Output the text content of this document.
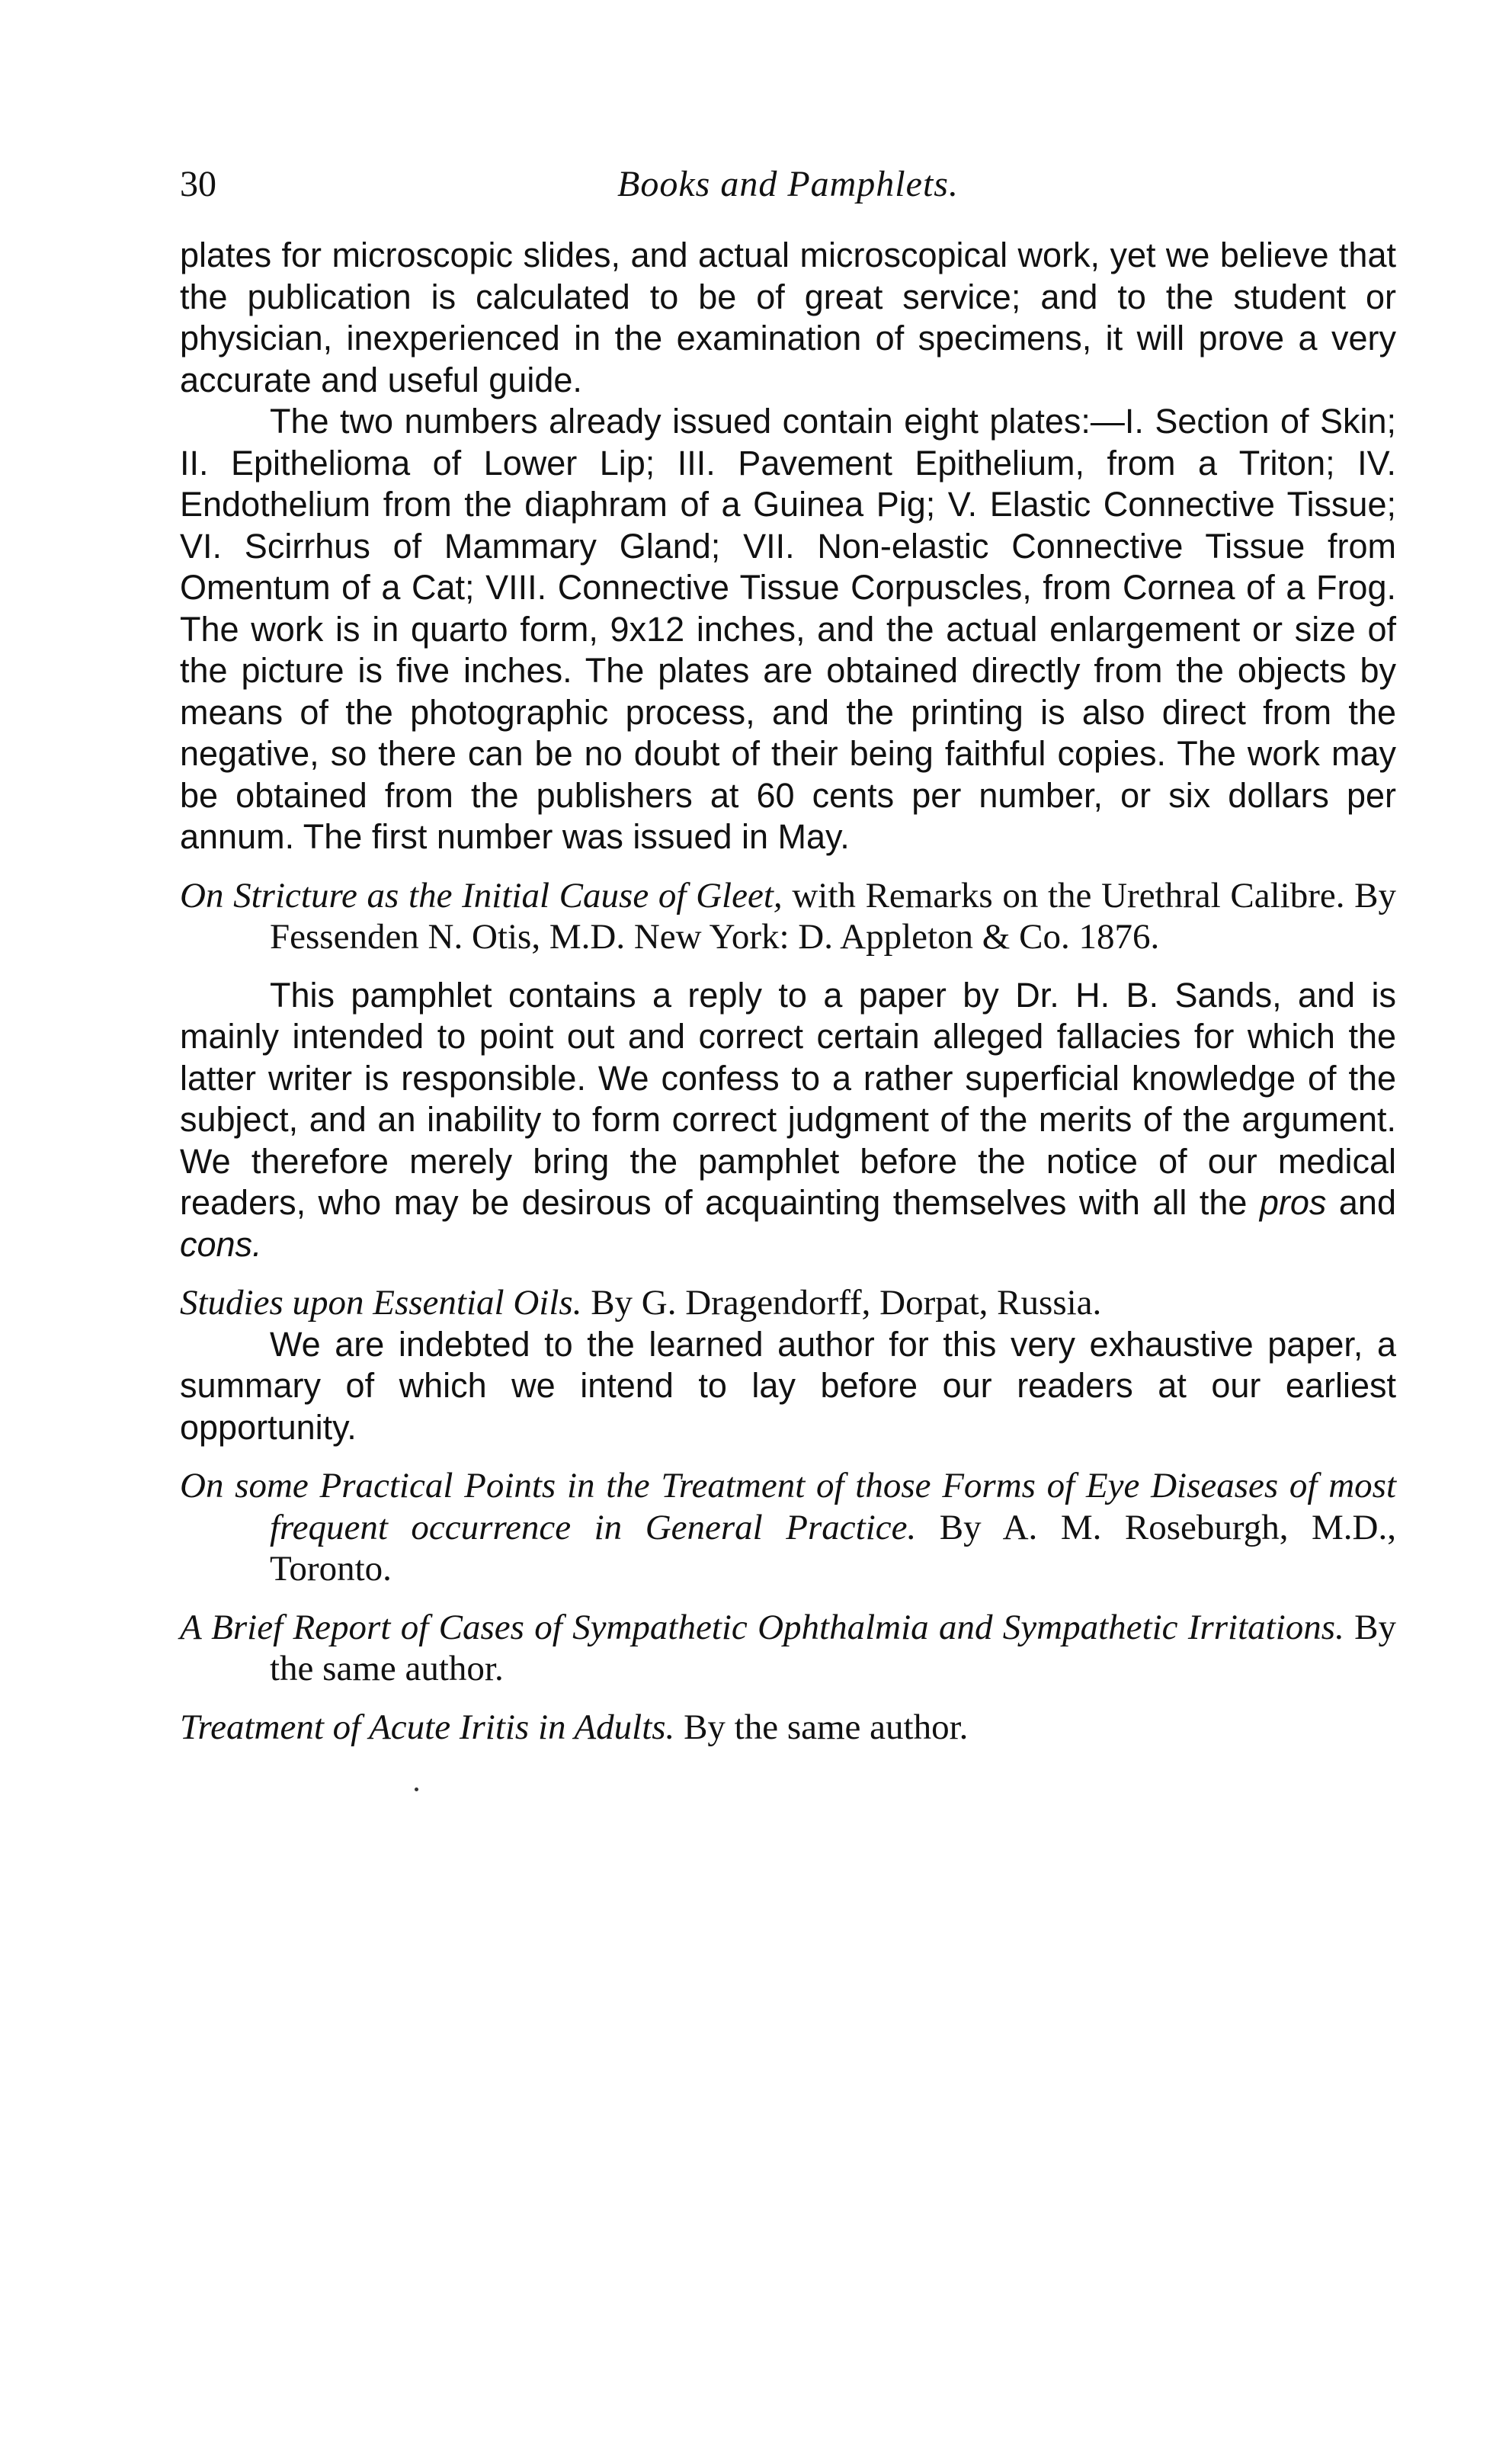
30	Books and Pamphlets.

plates for microscopic slides, and actual microscopical work, yet we believe that the publication is calculated to be of great service; and to the student or physician, inexperienced in the examination of specimens, it will prove a very accurate and useful guide.

The two numbers already issued contain eight plates:—I. Section of Skin; II. Epithelioma of Lower Lip; III. Pavement Epithelium, from a Triton; IV. Endothelium from the diaphram of a Guinea Pig; V. Elastic Connective Tissue; VI. Scirrhus of Mammary Gland; VII. Non-elastic Connective Tissue from Omentum of a Cat; VIII. Connective Tissue Corpuscles, from Cornea of a Frog. The work is in quarto form, 9x12 inches, and the actual enlargement or size of the picture is five inches. The plates are obtained directly from the objects by means of the photographic process, and the printing is also direct from the negative, so there can be no doubt of their being faithful copies. The work may be obtained from the publishers at 60 cents per number, or six dollars per annum. The first number was issued in May.

On Stricture as the Initial Cause of Gleet, with Remarks on the Urethral Calibre. By Fessenden N. Otis, M.D. New York: D. Appleton & Co. 1876.

This pamphlet contains a reply to a paper by Dr. H. B. Sands, and is mainly intended to point out and correct certain alleged fallacies for which the latter writer is responsible. We confess to a rather superficial knowledge of the subject, and an inability to form correct judgment of the merits of the argument. We therefore merely bring the pamphlet before the notice of our medical readers, who may be desirous of acquainting themselves with all the pros and cons.

Studies upon Essential Oils. By G. Dragendorff, Dorpat, Russia.

We are indebted to the learned author for this very exhaustive paper, a summary of which we intend to lay before our readers at our earliest opportunity.

On some Practical Points in the Treatment of those Forms of Eye Diseases of most frequent occurrence in General Practice. By A. M. Roseburgh, M.D., Toronto.

A Brief Report of Cases of Sympathetic Ophthalmia and Sympathetic Irritations. By the same author.

Treatment of Acute Iritis in Adults. By the same author.
